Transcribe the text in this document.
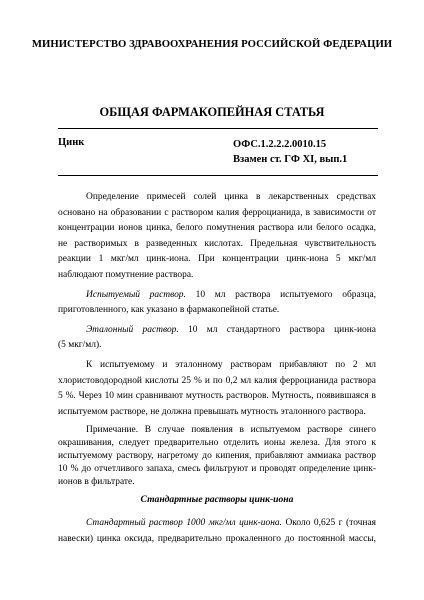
МИНИСТЕРСТВО ЗДРАВООХРАНЕНИЯ РОССИЙСКОЙ ФЕДЕРАЦИИ
ОБЩАЯ ФАРМАКОПЕЙНАЯ СТАТЬЯ
Цинк	ОФС.1.2.2.2.0010.15
Взамен ст. ГФ XI, вып.1
Определение примесей солей цинка в лекарственных средствах
основано на образовании с раствором калия ферроцианида, в зависимости от
концентрации ионов цинка, белого помутнения раствора или белого осадка,
не растворимых в разведенных кислотах. Предельная чувствительность
реакции 1 мкг/мл цинк-иона. При концентрации цинк-иона 5 мкг/мл
наблюдают помутнение раствора.
Испытуемый раствор. 10 мл раствора испытуемого образца,
приготовленного, как указано в фармакопейной статье.
Эталонный раствор. 10 мл стандартного раствора цинк-иона
(5 мкг/мл).
К испытуемому и эталонному растворам прибавляют по 2 мл
хлористоводородной кислоты 25 % и по 0,2 мл калия ферроцианида раствора
5 %. Через 10 мин сравнивают мутность растворов. Мутность, появившаяся в
испытуемом растворе, не должна превышать мутность эталонного раствора.
Примечание. В случае появления в испытуемом растворе синего
окрашивания, следует предварительно отделить ионы железа. Для этого к
испытуемому раствору, нагретому до кипения, прибавляют аммиака раствор
10 % до отчетливого запаха, смесь фильтруют и проводят определение цинк-
ионов в фильтрате.
Стандартные растворы цинк-иона
Стандартный раствор 1000 мкг/мл цинк-иона. Около 0,625 г (точная
навески) цинка оксида, предварительно прокаленного до постоянной массы,
